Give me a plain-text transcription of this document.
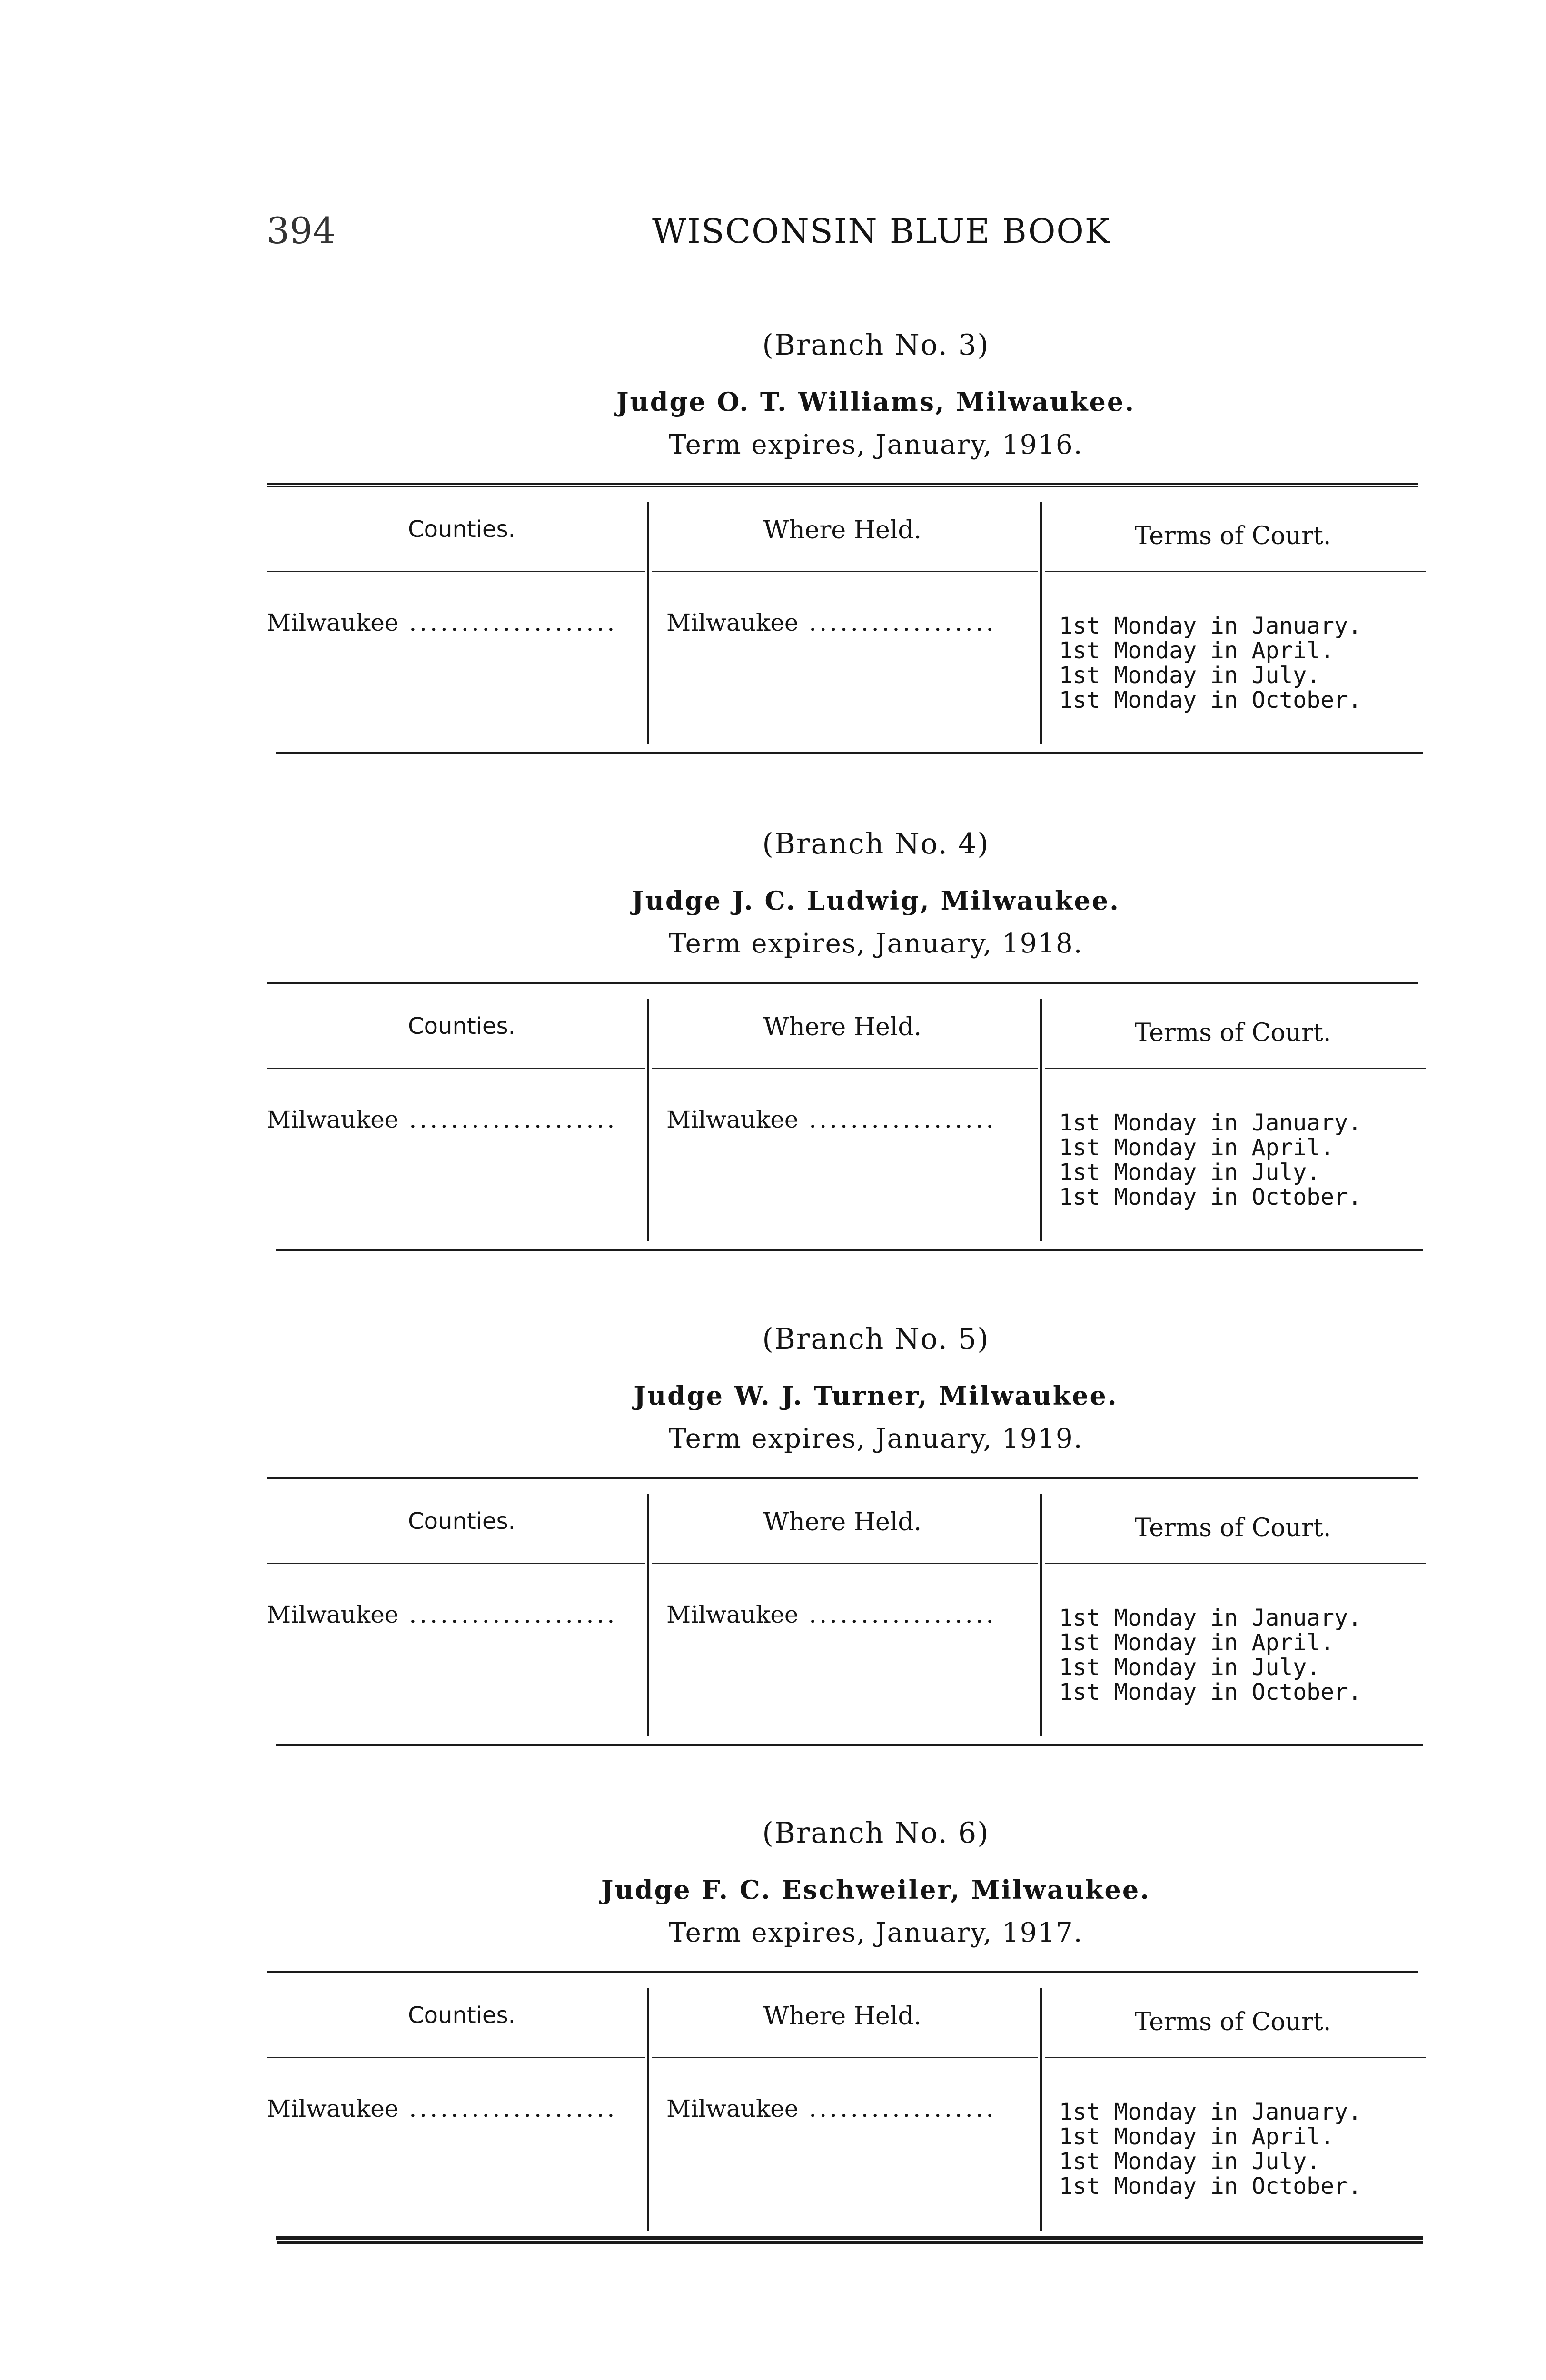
394	WISCONSIN BLUE BOOK
(Branch No. 3)
Judge O. T. Williams, Milwaukee.
Term expires, January, 1916.
Counties.	Where Held.	Terms of Court.
Milwaukee ....................	Milwaukee ..................	1st Monday in January.
1st Monday in April.
1st Monday in July.
1st Monday in October.
(Branch No. 4)
Judge J. C. Ludwig, Milwaukee.
Term expires, January, 1918.
Counties.	Where Held.	Terms of Court.
Milwaukee ....................	Milwaukee ..................	1st Monday in January.
1st Monday in April.
1st Monday in July.
1st Monday in October.
(Branch No. 5)
Judge W. J. Turner, Milwaukee.
Term expires, January, 1919.
Counties.	Where Held.	Terms of Court.
Milwaukee ....................	Milwaukee ..................	1st Monday in January.
1st Monday in April.
1st Monday in July.
1st Monday in October.
(Branch No. 6)
Judge F. C. Eschweiler, Milwaukee.
Term expires, January, 1917.
Counties.	Where Held.	Terms of Court.
Milwaukee ....................	Milwaukee ..................	1st Monday in January.
1st Monday in April.
1st Monday in July.
1st Monday in October.
